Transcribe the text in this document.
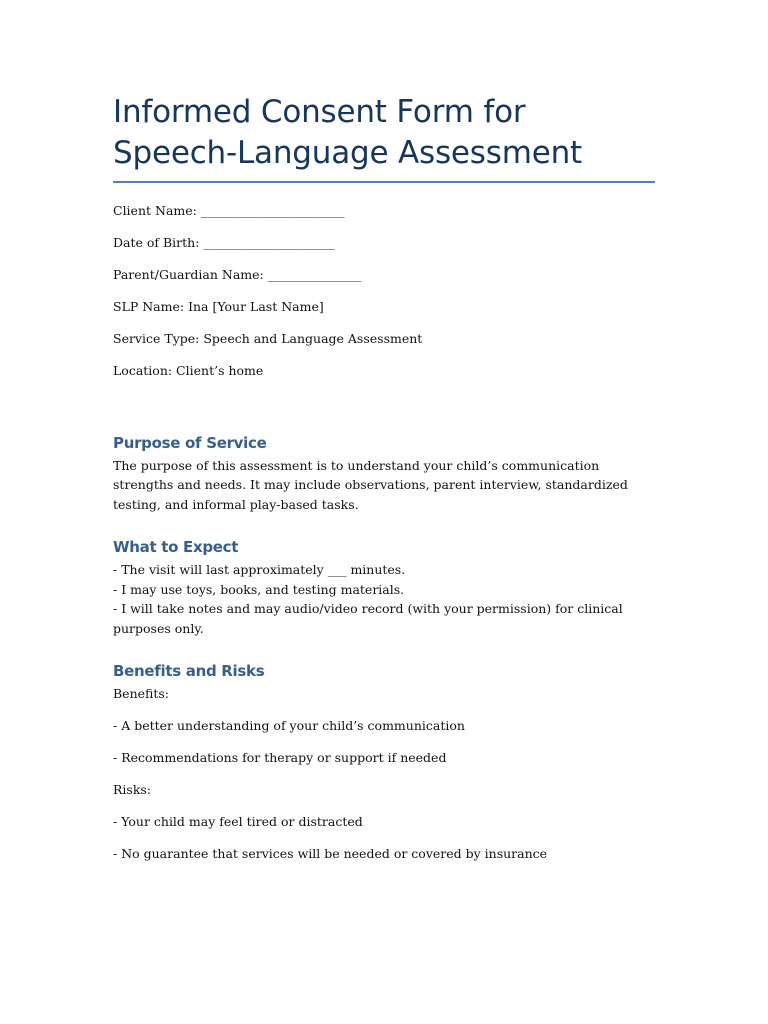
Informed Consent Form for Speech-Language Assessment

Client Name: _______________________

Date of Birth: _____________________

Parent/Guardian Name: _______________

SLP Name: Ina [Your Last Name]

Service Type: Speech and Language Assessment

Location: Client’s home

Purpose of Service

The purpose of this assessment is to understand your child’s communication strengths and needs. It may include observations, parent interview, standardized testing, and informal play-based tasks.

What to Expect
- The visit will last approximately ___ minutes.
- I may use toys, books, and testing materials.
- I will take notes and may audio/video record (with your permission) for clinical purposes only.
Benefits and Risks

Benefits:

- A better understanding of your child’s communication

- Recommendations for therapy or support if needed

Risks:

- Your child may feel tired or distracted

- No guarantee that services will be needed or covered by insurance
